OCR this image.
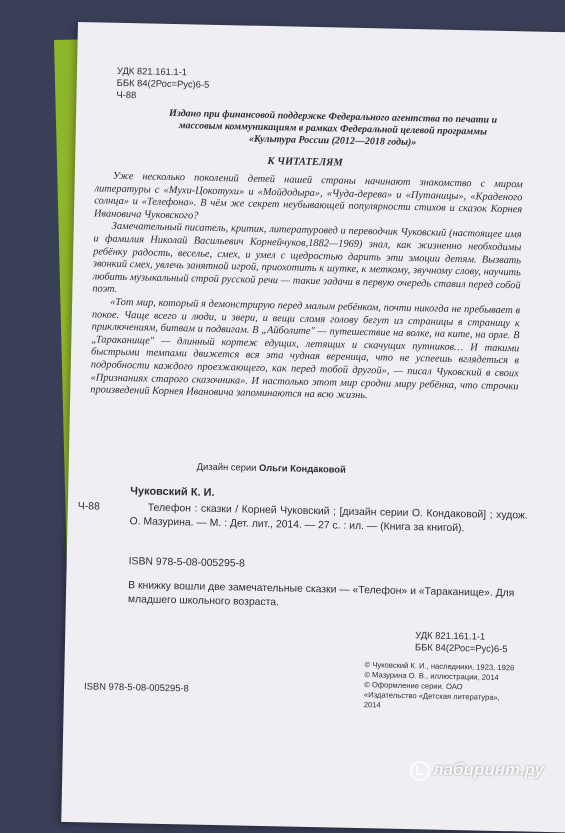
УДК 821.161.1-1
ББК 84(2Рос=Рус)6-5
Ч-88
Издано при финансовой поддержке Федерального агентства по печати и массовым коммуникациям в рамках Федеральной целевой программы «Культура России (2012—2018 годы)»
К ЧИТАТЕЛЯМ
Уже несколько поколений детей нашей страны начинают знакомство с миром литературы с «Мухи-Цокотухи» и «Мойдодыра», «Чуда-дерева» и «Путаницы», «Краденого солнца» и «Телефона». В чём же секрет неубывающей популярности стихов и сказок Корнея Ивановича Чуковского?
Замечательный писатель, критик, литературовед и переводчик Чуковский (настоящее имя и фамилия Николай Васильевич Корнейчуков,1882—1969) знал, как жизненно необходимы ребёнку радость, веселье, смех, и умел с щедростью дарить эти эмоции детям. Вызвать звонкий смех, увлечь занятной игрой, приохотить к шутке, к меткому, звучному слову, научить любить музыкальный строй русской речи — такие задачи в первую очередь ставил перед собой поэт.
«Тот мир, который я демонстрирую перед малым ребёнком, почти никогда не пребывает в покое. Чаще всего и люди, и звери, и вещи сломя голову бегут из страницы в страницу к приключениям, битвам и подвигам. В „Айболите" — путешествие на волке, на ките, на орле. В „Тараканище" — длинный кортеж едущих, летящих и скачущих путников… И такими быстрыми темпами движется вся эта чудная вереница, что не успеешь вглядеться в подробности каждого проезжающего, как перед тобой другой», — писал Чуковский в своих «Признаниях старого сказочника». И настолько этот мир сродни миру ребёнка, что строчки произведений Корнея Ивановича запоминаются на всю жизнь.
Дизайн серии Ольги Кондаковой
Чуковский К. И.
Ч-88	Телефон : сказки / Корней Чуковский ; [дизайн серии О. Кондаковой] ; худож. О. Мазурина. — М. : Дет. лит., 2014. — 27 с. : ил. — (Книга за книгой).
ISBN 978-5-08-005295-8
В книжку вошли две замечательные сказки — «Телефон» и «Тараканище». Для младшего школьного возраста.
УДК 821.161.1-1
ББК 84(2Рос=Рус)6-5
ISBN 978-5-08-005295-8
© Чуковский К. И., наследники, 1923, 1926
© Мазурина О. В., иллюстрации, 2014
© Оформление серии. ОАО «Издательство «Детская литература», 2014
лабиринт.ру
